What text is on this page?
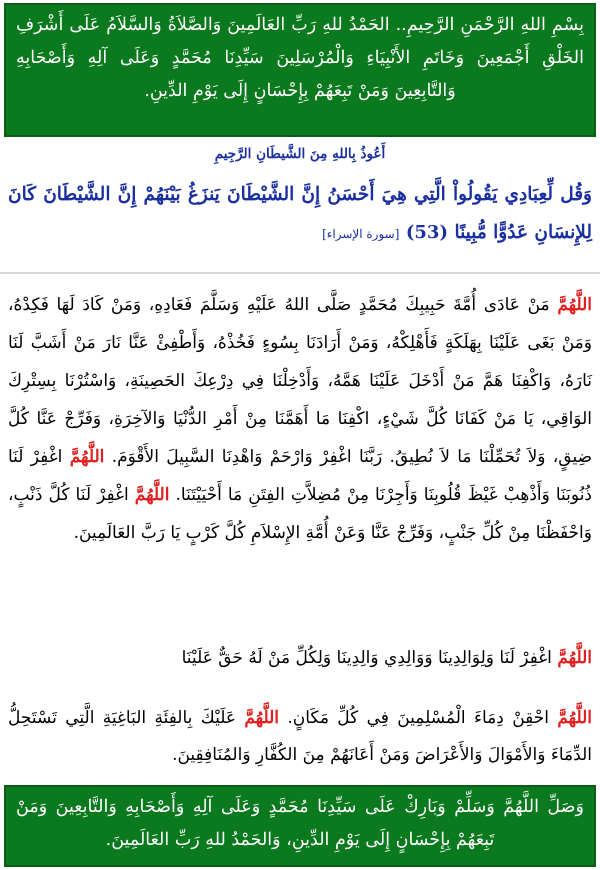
بِسْمِ اللهِ الرَّحْمَنِ الرَّحِيمِ.. الحَمْدُ للهِ رَبِّ العَالَمِينَ وَالصَّلاَةُ وَالسَّلاَمُ عَلَى أَشْرَفِ الخَلْقِ أَجْمَعِينَ وَخَاتَمِ الأَنْبِيَاءِ وَالْمُرْسَلِينَ سَيِّدِنَا مُحَمَّدٍ وَعَلَى آلِهِ وَأَصْحَابِهِ وَالتَّابِعِينَ وَمَنْ تَبِعَهُمْ بِإِحْسَانٍ إِلَى يَوْمِ الدِّينِ.
أَعُوذُ بِاللهِ مِنَ الشَّيطَانِ الرَّجِيمِ
وَقُل لِّعِبَادِي يَقُولُواْ الَّتِي هِيَ أَحْسَنُ إِنَّ الشَّيْطَانَ يَنزَغُ بَيْنَهُمْ إِنَّ الشَّيْطَانَ كَانَ لِلإِنسَانِ عَدُوًّا مُّبِينًا (53) [سورة الإسراء]
اللَّهُمَّ مَنْ عَادَى أُمَّةَ حَبِيبِكَ مُحَمَّدٍ صَلَّى اللهُ عَلَيْهِ وَسَلَّمَ فَعَادِهِ، وَمَنْ كَادَ لَهَا فَكِدْهُ، وَمَنْ بَغَى عَلَيْنَا بِهَلَكَةٍ فَأَهْلِكْهُ، وَمَنْ أَرَادَنَا بِسُوءٍ فَخُذْهُ، وَأَطْفِئْ عَنَّا نَارَ مَنْ أَشَبَّ لَنَا نَارَهُ، وَاكْفِنَا هَمَّ مَنْ أَدْخَلَ عَلَيْنَا هَمَّهُ، وَأَدْخِلْنَا فِي دِرْعِكَ الحَصِينَةِ، وَاسْتُرْنَا بِسِتْرِكَ الوَاقِي، يَا مَنْ كَفَانَا كُلَّ شَيْءٍ، اكْفِنَا مَا أَهَمَّنَا مِنْ أَمْرِ الدُّنْيَا وَالآخِرَةِ، وَفَرِّجْ عَنَّا كُلَّ ضِيقٍ، وَلاَ تُحَمِّلْنَا مَا لاَ نُطِيقُ. رَبَّنَا اغْفِرْ وَارْحَمْ وَاهْدِنَا السَّبِيلَ الأَقْوَمَ. اللَّهُمَّ اغْفِرْ لَنَا ذُنُوبَنَا وَأَذْهِبْ غَيْظَ قُلُوبِنَا وَأَجِرْنَا مِنْ مُضِلاَّتِ الفِتَنِ مَا أَحْيَيْتَنَا. اللَّهُمَّ اغْفِرْ لَنَا كُلَّ ذَنْبٍ، وَاحْفَظْنَا مِنْ كُلِّ جَنْبٍ، وَفَرِّجْ عَنَّا وَعَنْ أُمَّةِ الإِسْلاَمِ كُلَّ كَرْبٍ يَا رَبَّ العَالَمِينَ.
اللَّهُمَّ اغْفِرْ لَنَا وَلِوَالِدِينَا وَوَالِدِي وَالِدِينَا وَلِكُلِّ مَنْ لَهُ حَقٌّ عَلَيْنَا
اللَّهُمَّ احْقِنْ دِمَاءَ الْمُسْلِمِينَ فِي كُلِّ مَكَانٍ. اللَّهُمَّ عَلَيْكَ بِالفِئَةِ البَاغِيَةِ الَّتِي تَسْتَحِلُّ الدِّمَاءَ وَالأَمْوَالَ وَالأَعْرَاضَ وَمَنْ أَعَانَهُمْ مِنَ الكُفَّارِ وَالمُنَافِقِينَ.
وَصَلِّ اللَّهُمَّ وَسَلِّمْ وَبَارِكْ عَلَى سَيِّدِنَا مُحَمَّدٍ وَعَلَى آلِهِ وَأَصْحَابِهِ وَالتَّابِعِينَ وَمَنْ تَبِعَهُمْ بِإِحْسَانٍ إِلَى يَوْمِ الدِّينِ، وَالحَمْدُ للهِ رَبِّ العَالَمِينَ.
